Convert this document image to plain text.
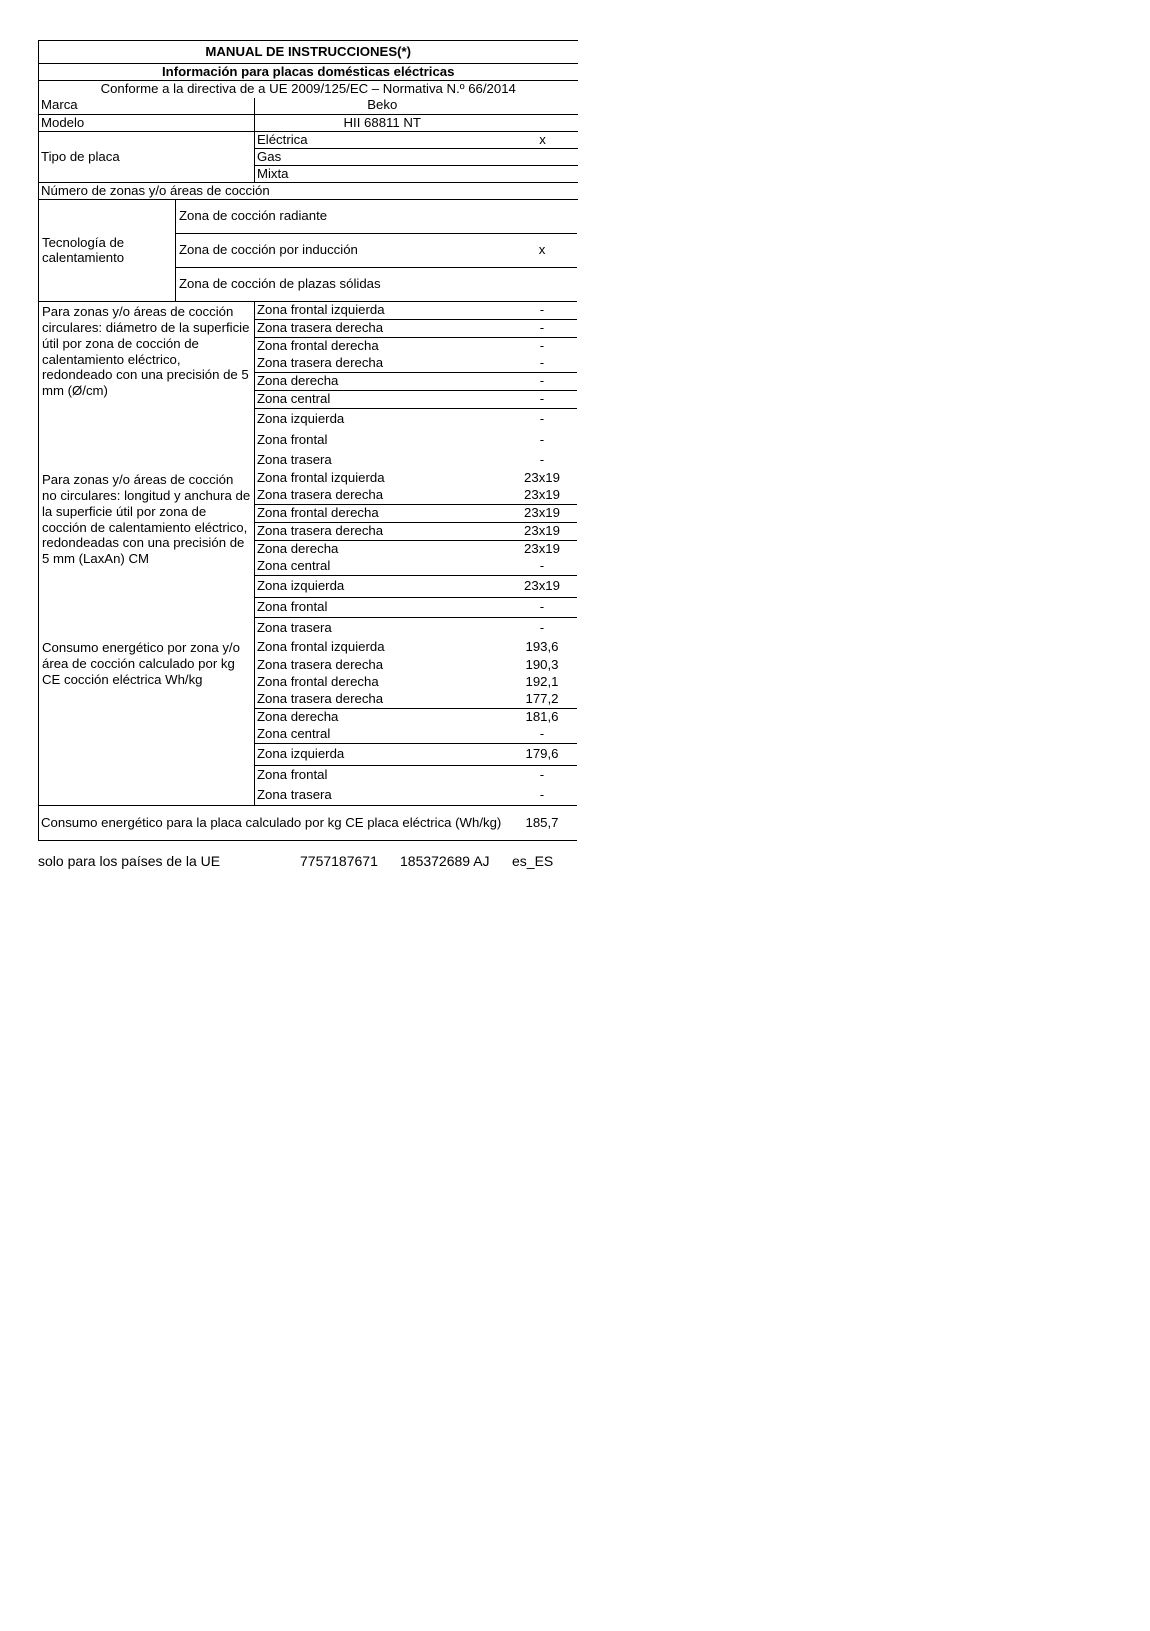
MANUAL DE INSTRUCCIONES(*)		
Información para placas domésticas eléctricas		
Conforme a la directiva de a UE 2009/125/EC – Normativa N.º 66/2014		
Marca	Beko	
Modelo	HII 68811 NT	
Tipo de placa	Eléctrica	x
	Gas	
	Mixta	
Número de zonas y/o áreas de cocción		
Tecnología de calentamiento
Zona de cocción radiante
Zona de cocción por inducción	x
Zona de cocción de plazas sólidas
Para zonas y/o áreas de cocción circulares: diámetro de la superficie útil por zona de cocción de calentamiento eléctrico, redondeado con una precisión de 5 mm (Ø/cm)
Zona frontal izquierda	-
Zona trasera derecha	-
Zona frontal derecha	-
Zona trasera derecha	-
Zona derecha	-
Zona central	-
Zona izquierda	-
Zona frontal	-
Zona trasera	-
Para zonas y/o áreas de cocción no circulares: longitud y anchura de la superficie útil por zona de cocción de calentamiento eléctrico, redondeadas con una precisión de 5 mm (LaxAn) CM
Zona frontal izquierda	23x19
Zona trasera derecha	23x19
Zona frontal derecha	23x19
Zona trasera derecha	23x19
Zona derecha	23x19
Zona central	-
Zona izquierda	23x19
Zona frontal	-
Zona trasera	-
Consumo energético por zona y/o área de cocción calculado por kg CE cocción eléctrica Wh/kg
Zona frontal izquierda	193,6
Zona trasera derecha	190,3
Zona frontal derecha	192,1
Zona trasera derecha	177,2
Zona derecha	181,6
Zona central	-
Zona izquierda	179,6
Zona frontal	-
Zona trasera	-
Consumo energético para la placa calculado por kg CE placa eléctrica (Wh/kg)	185,7
solo para los países de la UE	7757187671	185372689 AJ	es_ES
